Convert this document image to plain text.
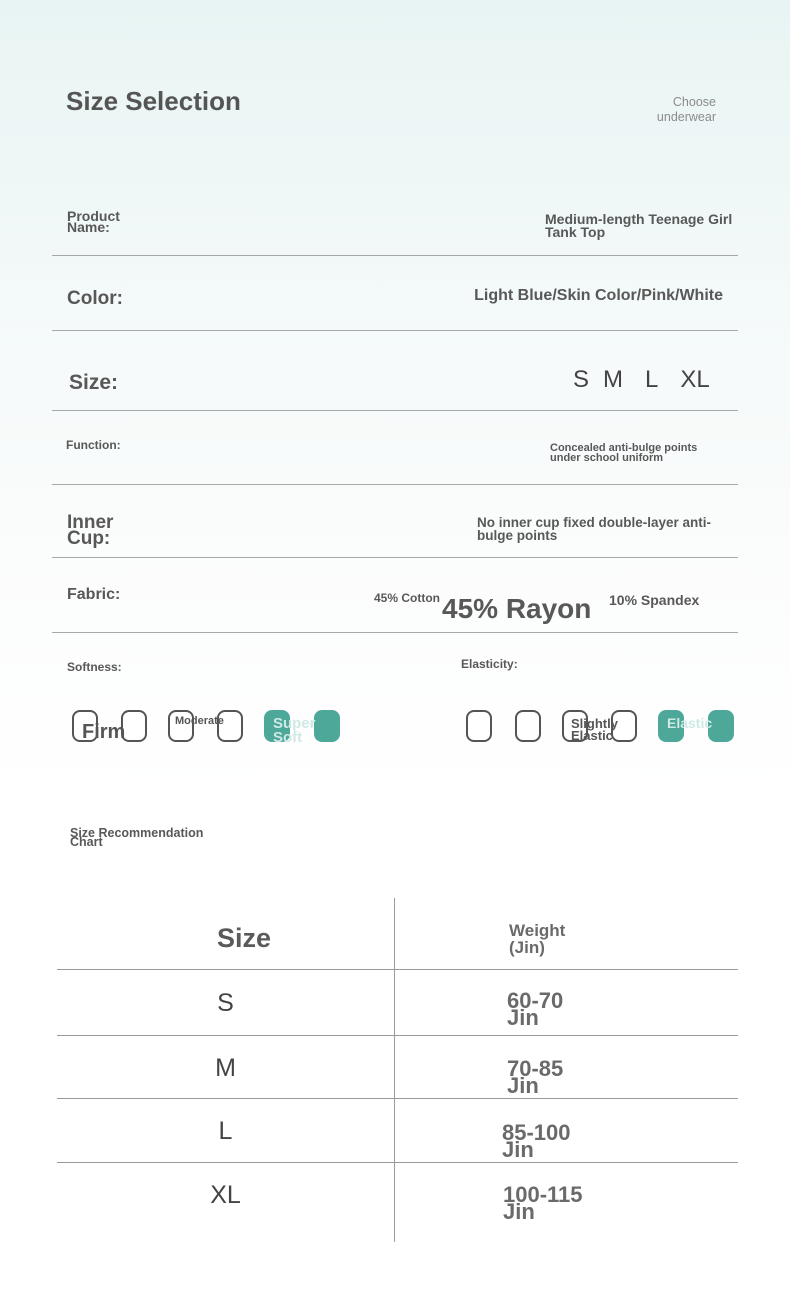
Size Selection	Choose underwear
Product Name:	Medium-length Teenage Girl Tank Top
Color:	Light Blue/Skin Color/Pink/White
Size:	S M L XL
Function:	Concealed anti-bulge points under school uniform
Inner Cup:
No inner cup fixed double-layer anti-bulge points
Fabric:	45% Cotton 45% Rayon 10% Spandex
Softness:
Firm	Moderate	Super Soft
Elasticity:
Slightly Elastic
Elastic
Size Recommendation Chart
Size	Weight (Jin)
S	60-70 Jin
M	70-85 Jin
L	85-100 Jin
XL	100-115 Jin
